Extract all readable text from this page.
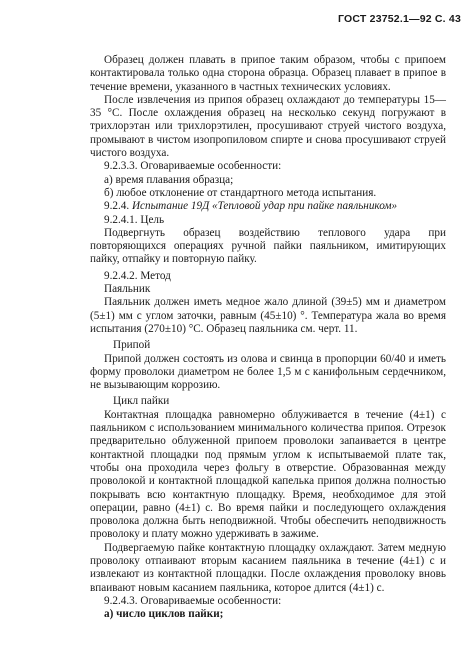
ГОСТ 23752.1—92 С. 43

Образец должен плавать в припое таким образом, чтобы с припоем контактировала только одна сторона образца. Образец плавает в припое в течение времени, указанного в частных технических условиях.

После извлечения из припоя образец охлаждают до температуры 15—35 °С. После охлаждения образец на несколько секунд погружают в трихлорэтан или трихлорэтилен, просушивают струей чистого воздуха, промывают в чистом изопропиловом спирте и снова просушивают струей чистого воздуха.

9.2.3.3. Оговариваемые особенности:

а) время плавания образца;

б) любое отклонение от стандартного метода испытания.

9.2.4. Испытание 19Д «Тепловой удар при пайке паяльником»

9.2.4.1. Цель

Подвергнуть образец воздействию теплового удара при повторяющихся операциях ручной пайки паяльником, имитирующих пайку, отпайку и повторную пайку.

9.2.4.2. Метод

Паяльник

Паяльник должен иметь медное жало длиной (39±5) мм и диаметром (5±1) мм с углом заточки, равным (45±10) °. Температура жала во время испытания (270±10) °С. Образец паяльника см. черт. 11.

Припой

Припой должен состоять из олова и свинца в пропорции 60/40 и иметь форму проволоки диаметром не более 1,5 м с канифольным сердечником, не вызывающим коррозию.

Цикл пайки

Контактная площадка равномерно облуживается в течение (4±1) с паяльником с использованием минимального количества припоя. Отрезок предварительно облуженной припоем проволоки запаивается в центре контактной площадки под прямым углом к испытываемой плате так, чтобы она проходила через фольгу в отверстие. Образованная между проволокой и контактной площадкой капелька припоя должна полностью покрывать всю контактную площадку. Время, необходимое для этой операции, равно (4±1) с. Во время пайки и последующего охлаждения проволока должна быть неподвижной. Чтобы обеспечить неподвижность проволоку и плату можно удерживать в зажиме.

Подвергаемую пайке контактную площадку охлаждают. Затем медную проволоку отпаивают вторым касанием паяльника в течение (4±1) с и извлекают из контактной площадки. После охлаждения проволоку вновь впаивают новым касанием паяльника, которое длится (4±1) с.

9.2.4.3. Оговариваемые особенности:

а) число циклов пайки;
